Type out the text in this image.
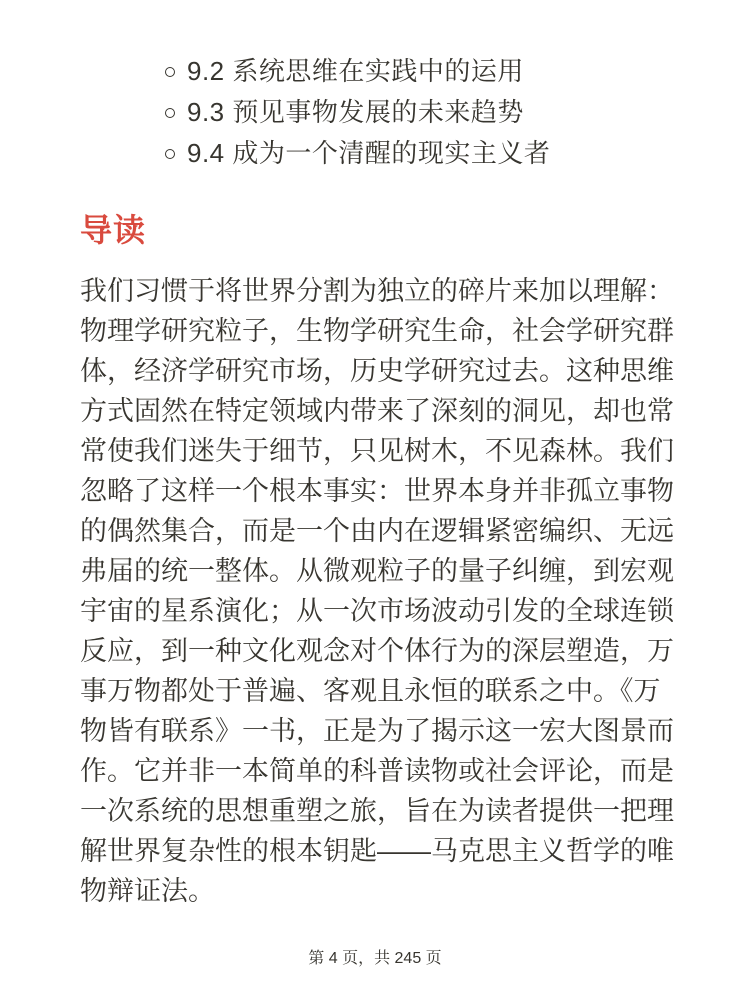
9.2 系统思维在实践中的运用
9.3 预见事物发展的未来趋势
9.4 成为一个清醒的现实主义者
导读

我们习惯于将世界分割为独立的碎片来加以理解：物理学研究粒子，生物学研究生命，社会学研究群体，经济学研究市场，历史学研究过去。这种思维方式固然在特定领域内带来了深刻的洞见，却也常常使我们迷失于细节，只见树木，不见森林。我们忽略了这样一个根本事实：世界本身并非孤立事物的偶然集合，而是一个由内在逻辑紧密编织、无远弗届的统一整体。从微观粒子的量子纠缠，到宏观宇宙的星系演化；从一次市场波动引发的全球连锁反应，到一种文化观念对个体行为的深层塑造，万事万物都处于普遍、客观且永恒的联系之中。《万物皆有联系》一书，正是为了揭示这一宏大图景而作。它并非一本简单的科普读物或社会评论，而是一次系统的思想重塑之旅，旨在为读者提供一把理解世界复杂性的根本钥匙——马克思主义哲学的唯物辩证法。

第 4 页，共 245 页
